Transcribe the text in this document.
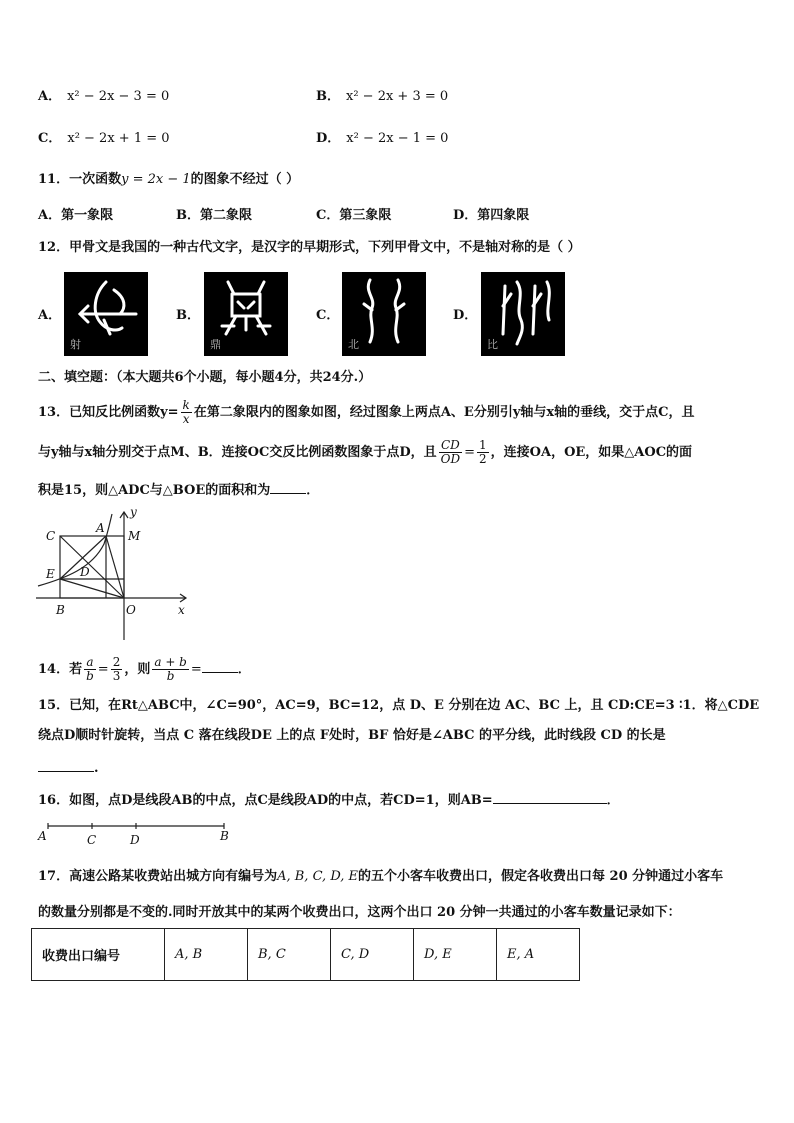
A． x² − 2x − 3 = 0	B． x² − 2x + 3 = 0
C． x² − 2x + 1 = 0	D． x² − 2x − 1 = 0
11．一次函数y = 2x − 1的图象不经过（ ）
A．第一象限	B．第二象限	C．第三象限	D．第四象限
12．甲骨文是我国的一种古代文字，是汉字的早期形式，下列甲骨文中，不是轴对称的是（ ）
A．
射
B．
鼎
C．
北
D．
比
二、填空题：（本大题共6个小题，每小题4分，共24分.）
13．已知反比例函数$y= \frac{k}{x}$ 在第二象限内的图象如图，经过图象上两点A、E分别引y轴与x轴的垂线，交于点C，且
与y轴与x轴分别交于点M、B．连接OC交反比例函数图象于点D，且 $\frac{CD}{OD} = \frac{1}{2}$ ，连接OA，OE，如果△AOC的面
积是15，则△ADC与△BOE的面积和为	．
C
A
M
y
E D
B	O	x
14．若 $\frac{a}{b} = \frac{2}{3}$ ，则 $\frac{a + b}{b}$ =	．
15．已知，在Rt△ABC中，∠C=90°，AC=9，BC=12，点 D、E 分别在边 AC、BC 上，且 CD:CE=3 ∶1．将△CDE
绕点D顺时针旋转，当点 C 落在线段DE 上的点 F处时，BF 恰好是∠ABC 的平分线，此时线段 CD 的长是
.
16．如图，点D是线段AB的中点，点C是线段AD的中点，若CD=1，则AB=	．
A	C	D	B
17．高速公路某收费站出城方向有编号为A, B, C, D, E的五个小客车收费出口，假定各收费出口每 20 分钟通过小客车
的数量分别都是不变的.同时开放其中的某两个收费出口，这两个出口 20 分钟一共通过的小客车数量记录如下：
收费出口编号	A, B	B, C	C, D	D, E	E, A
